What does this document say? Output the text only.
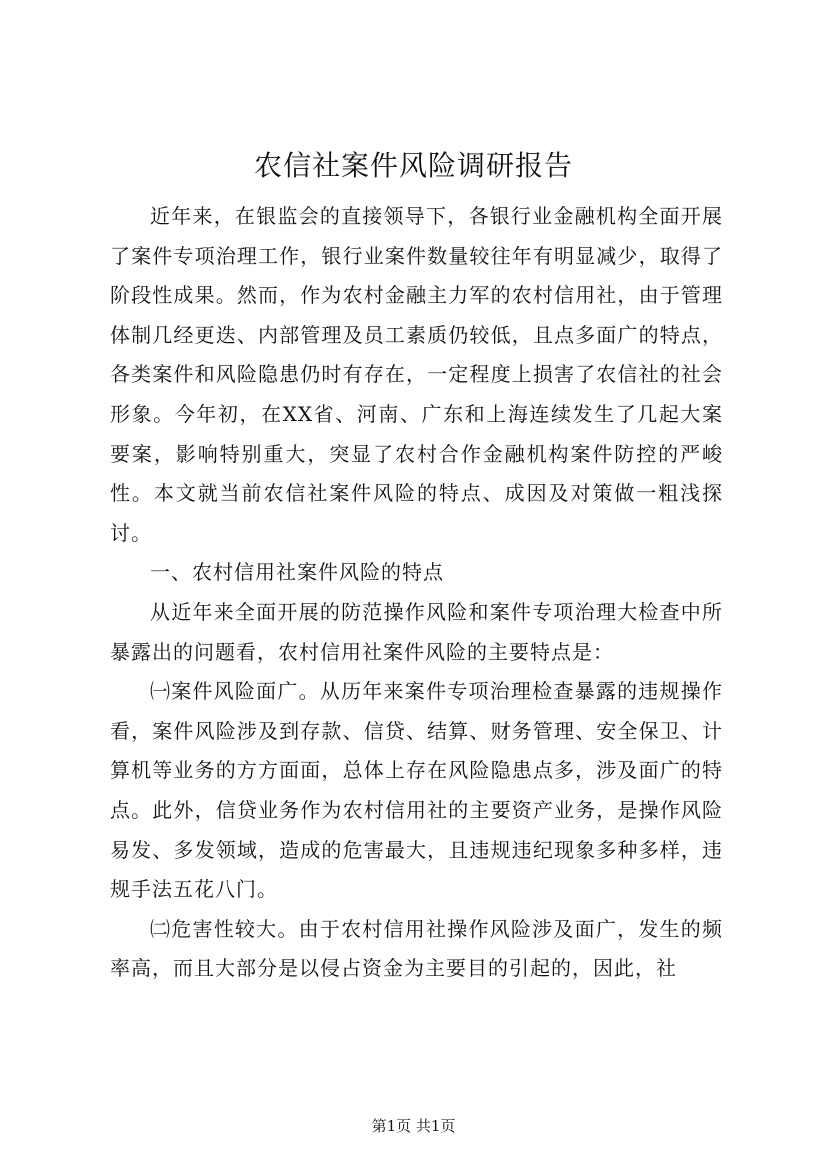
农信社案件风险调研报告

近年来，在银监会的直接领导下，各银行业金融机构全面开展了案件专项治理工作，银行业案件数量较往年有明显减少，取得了阶段性成果。然而，作为农村金融主力军的农村信用社，由于管理体制几经更迭、内部管理及员工素质仍较低，且点多面广的特点，各类案件和风险隐患仍时有存在，一定程度上损害了农信社的社会形象。今年初，在XX省、河南、广东和上海连续发生了几起大案要案，影响特别重大，突显了农村合作金融机构案件防控的严峻性。本文就当前农信社案件风险的特点、成因及对策做一粗浅探讨。

一、农村信用社案件风险的特点

从近年来全面开展的防范操作风险和案件专项治理大检查中所暴露出的问题看，农村信用社案件风险的主要特点是：

㈠案件风险面广。从历年来案件专项治理检查暴露的违规操作看，案件风险涉及到存款、信贷、结算、财务管理、安全保卫、计算机等业务的方方面面，总体上存在风险隐患点多，涉及面广的特点。此外，信贷业务作为农村信用社的主要资产业务，是操作风险易发、多发领域，造成的危害最大，且违规违纪现象多种多样，违规手法五花八门。

㈡危害性较大。由于农村信用社操作风险涉及面广，发生的频率高，而且大部分是以侵占资金为主要目的引起的，因此，社

第1页 共1页
